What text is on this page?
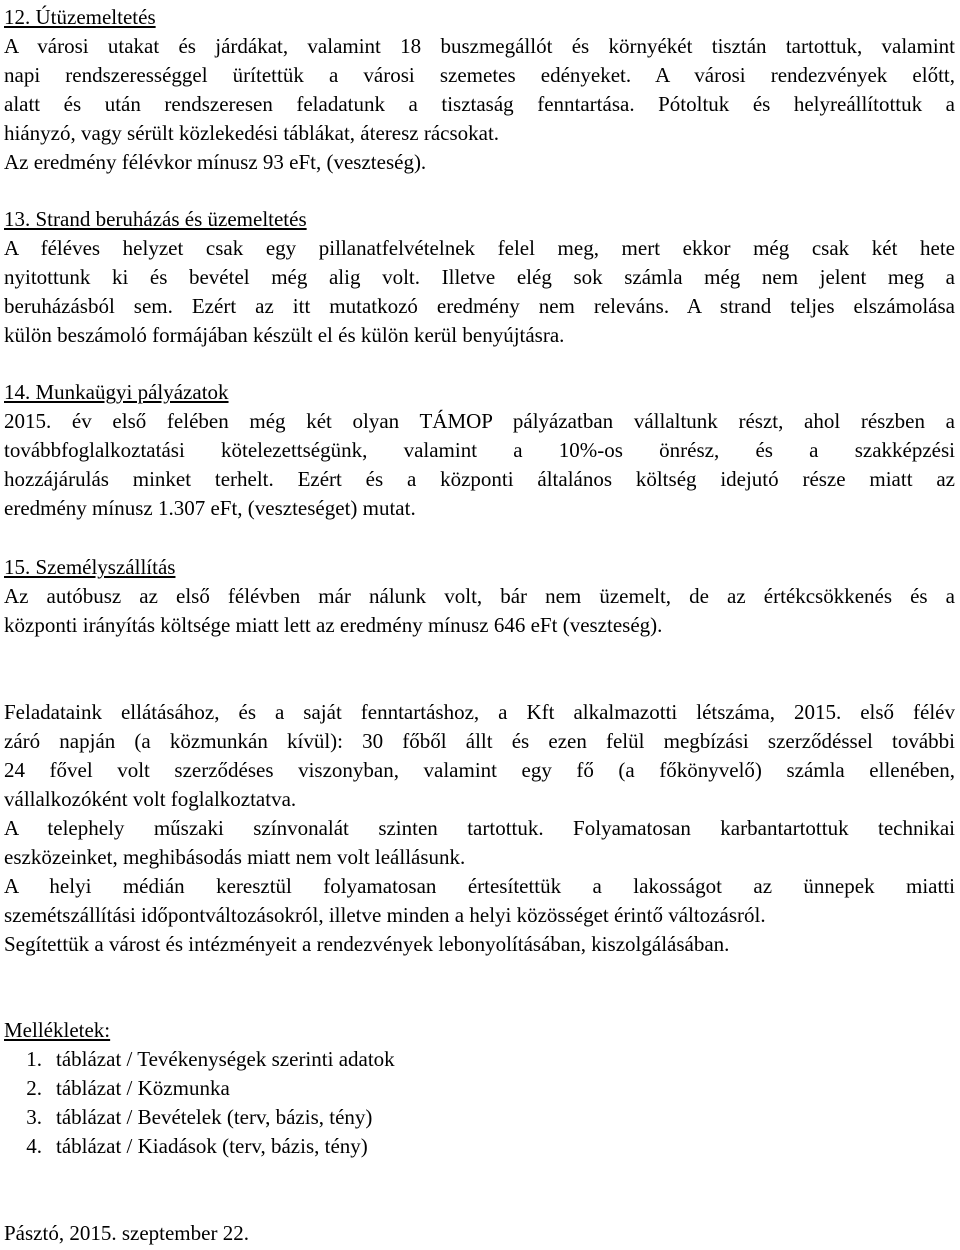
12. Útüzemeltetés
A városi utakat és járdákat, valamint 18 buszmegállót és környékét tisztán tartottuk, valamint
napi rendszerességgel ürítettük a városi szemetes edényeket. A városi rendezvények előtt,
alatt és után rendszeresen feladatunk a tisztaság fenntartása. Pótoltuk és helyreállítottuk a
hiányzó, vagy sérült közlekedési táblákat, áteresz rácsokat.
Az eredmény félévkor mínusz 93 eFt, (veszteség).
13. Strand beruházás és üzemeltetés
A féléves helyzet csak egy pillanatfelvételnek felel meg, mert ekkor még csak két hete
nyitottunk ki és bevétel még alig volt. Illetve elég sok számla még nem jelent meg a
beruházásból sem. Ezért az itt mutatkozó eredmény nem releváns. A strand teljes elszámolása
külön beszámoló formájában készült el és külön kerül benyújtásra.
14. Munkaügyi pályázatok
2015. év első felében még két olyan TÁMOP pályázatban vállaltunk részt, ahol részben a
továbbfoglalkoztatási kötelezettségünk, valamint a 10%-os önrész, és a szakképzési
hozzájárulás minket terhelt. Ezért és a központi általános költség idejutó része miatt az
eredmény mínusz 1.307 eFt, (veszteséget) mutat.
15. Személyszállítás
Az autóbusz az első félévben már nálunk volt, bár nem üzemelt, de az értékcsökkenés és a
központi irányítás költsége miatt lett az eredmény mínusz 646 eFt (veszteség).
Feladataink ellátásához, és a saját fenntartáshoz, a Kft alkalmazotti létszáma, 2015. első félév
záró napján (a közmunkán kívül): 30 főből állt és ezen felül megbízási szerződéssel további
24 fővel volt szerződéses viszonyban, valamint egy fő (a főkönyvelő) számla ellenében,
vállalkozóként volt foglalkoztatva.
A telephely műszaki színvonalát szinten tartottuk. Folyamatosan karbantartottuk technikai
eszközeinket, meghibásodás miatt nem volt leállásunk.
A helyi médián keresztül folyamatosan értesítettük a lakosságot az ünnepek miatti
szemétszállítási időpontváltozásokról, illetve minden a helyi közösséget érintő változásról.
Segítettük a várost és intézményeit a rendezvények lebonyolításában, kiszolgálásában.
Mellékletek:
1. táblázat / Tevékenységek szerinti adatok
2. táblázat / Közmunka
3. táblázat / Bevételek (terv, bázis, tény)
4. táblázat / Kiadások (terv, bázis, tény)
Pásztó, 2015. szeptember 22.
